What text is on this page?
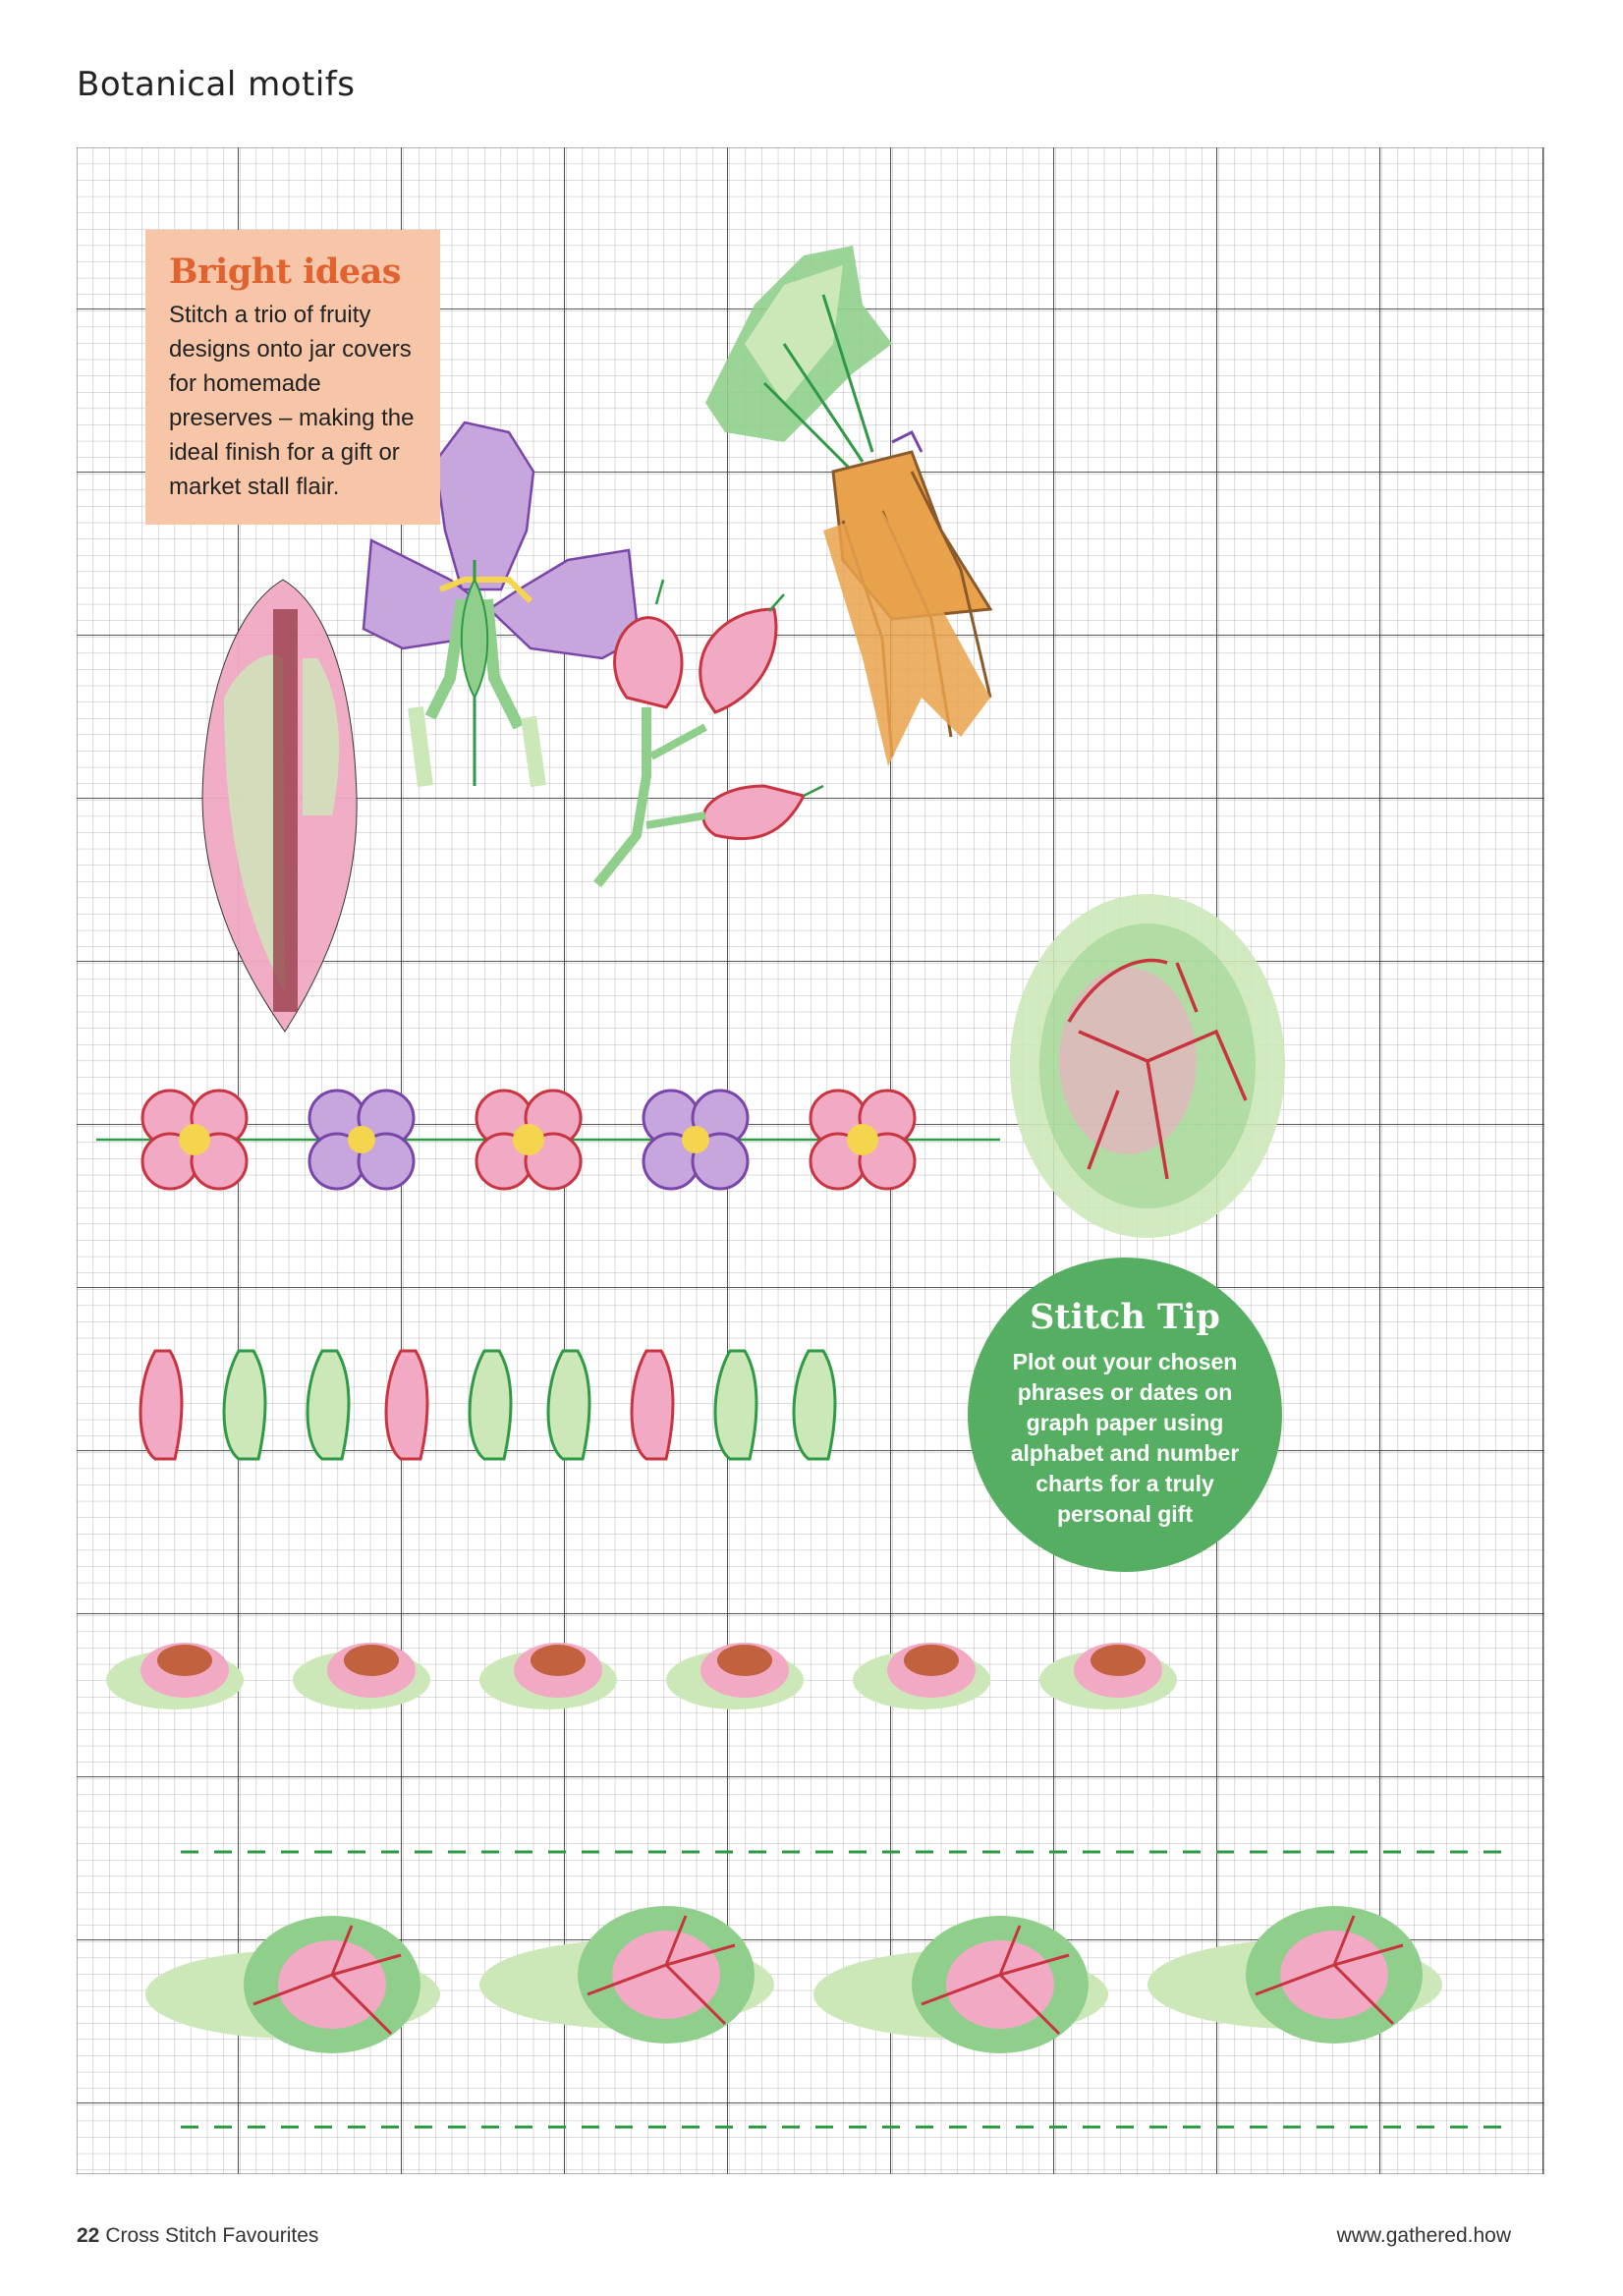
Botanical motifs
Bright ideas

Stitch a trio of fruity designs onto jar covers for homemade preserves – making the ideal finish for a gift or market stall flair.

Stitch Tip

Plot out your chosen phrases or dates on graph paper using alphabet and number charts for a truly personal gift

22 Cross Stitch Favourites	www.gathered.how
